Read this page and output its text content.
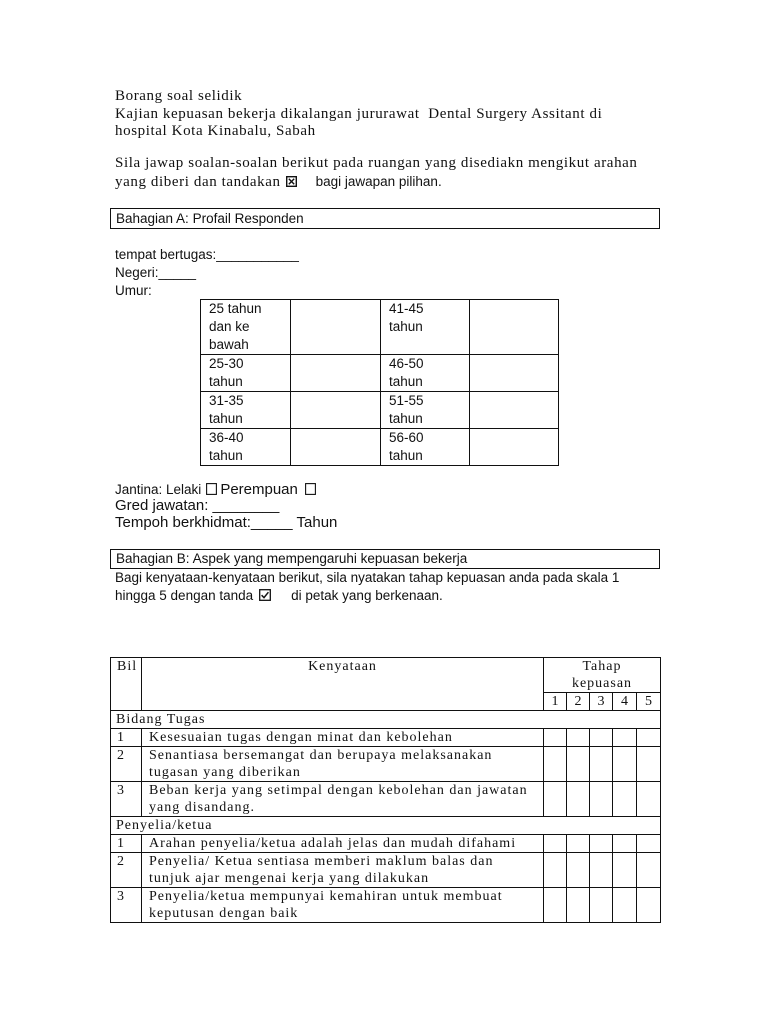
Borang soal selidik
Kajian kepuasan bekerja dikalangan jururawat  Dental Surgery Assitant di
hospital Kota Kinabalu, Sabah
Sila jawap soalan-soalan berikut pada ruangan yang disediakn mengikut arahan
yang diberi dan tandakan	bagi jawapan pilihan.
Bahagian A: Profail Responden
tempat bertugas:___________
Negeri:_____
Umur:
25 tahun dan ke bawah		41-45 tahun	

25-30 tahun		46-50 tahun	

31-35 tahun		51-55 tahun	

36-40 tahun		56-60 tahun	

Jantina: Lelaki Perempuan
Gred jawatan: ________
Tempoh berkhidmat:_____ Tahun
Bahagian B: Aspek yang mempengaruhi kepuasan bekerja
Bagi kenyataan-kenyataan berikut, sila nyatakan tahap kepuasan anda pada skala 1
hingga 5 dengan tanda	di petak yang berkenaan.
Bil	Kenyataan	Tahap
kepuasan				

		1	2	3	4	5
Bidang Tugas						
1	Kesesuaian tugas dengan minat dan kebolehan					

2	Senantiasa bersemangat dan berupaya melaksanakan
tugasan yang diberikan					

3	Beban kerja yang setimpal dengan kebolehan dan jawatan
yang disandang.					

Penyelia/ketua						
1	Arahan penyelia/ketua adalah jelas dan mudah difahami					

2	Penyelia/ Ketua sentiasa memberi maklum balas dan
tunjuk ajar mengenai kerja yang dilakukan					

3	Penyelia/ketua mempunyai kemahiran untuk membuat
keputusan dengan baik					
